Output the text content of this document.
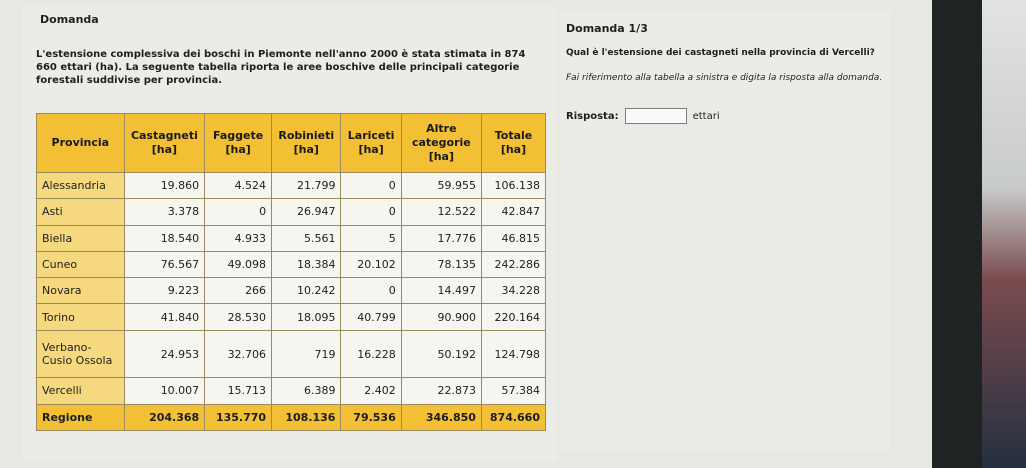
Domanda
L'estensione complessiva dei boschi in Piemonte nell'anno 2000 è stata stimata in 874 660 ettari (ha). La seguente tabella riporta le aree boschive delle principali categorie forestali suddivise per provincia.
Provincia	Castagneti [ha]	Faggete [ha]	Robinieti [ha]	Lariceti [ha]	Altre categorie [ha]	Totale [ha]
Alessandria	19.860	4.524	21.799	0	59.955	106.138
Asti	3.378	0	26.947	0	12.522	42.847
Biella	18.540	4.933	5.561	5	17.776	46.815
Cuneo	76.567	49.098	18.384	20.102	78.135	242.286
Novara	9.223	266	10.242	0	14.497	34.228
Torino	41.840	28.530	18.095	40.799	90.900	220.164
Verbano-Cusio Ossola	24.953	32.706	719	16.228	50.192	124.798
Vercelli	10.007	15.713	6.389	2.402	22.873	57.384
Regione	204.368	135.770	108.136	79.536	346.850	874.660
Domanda 1/3
Qual è l'estensione dei castagneti nella provincia di Vercelli?
Fai riferimento alla tabella a sinistra e digita la risposta alla domanda.
Risposta:	ettari
